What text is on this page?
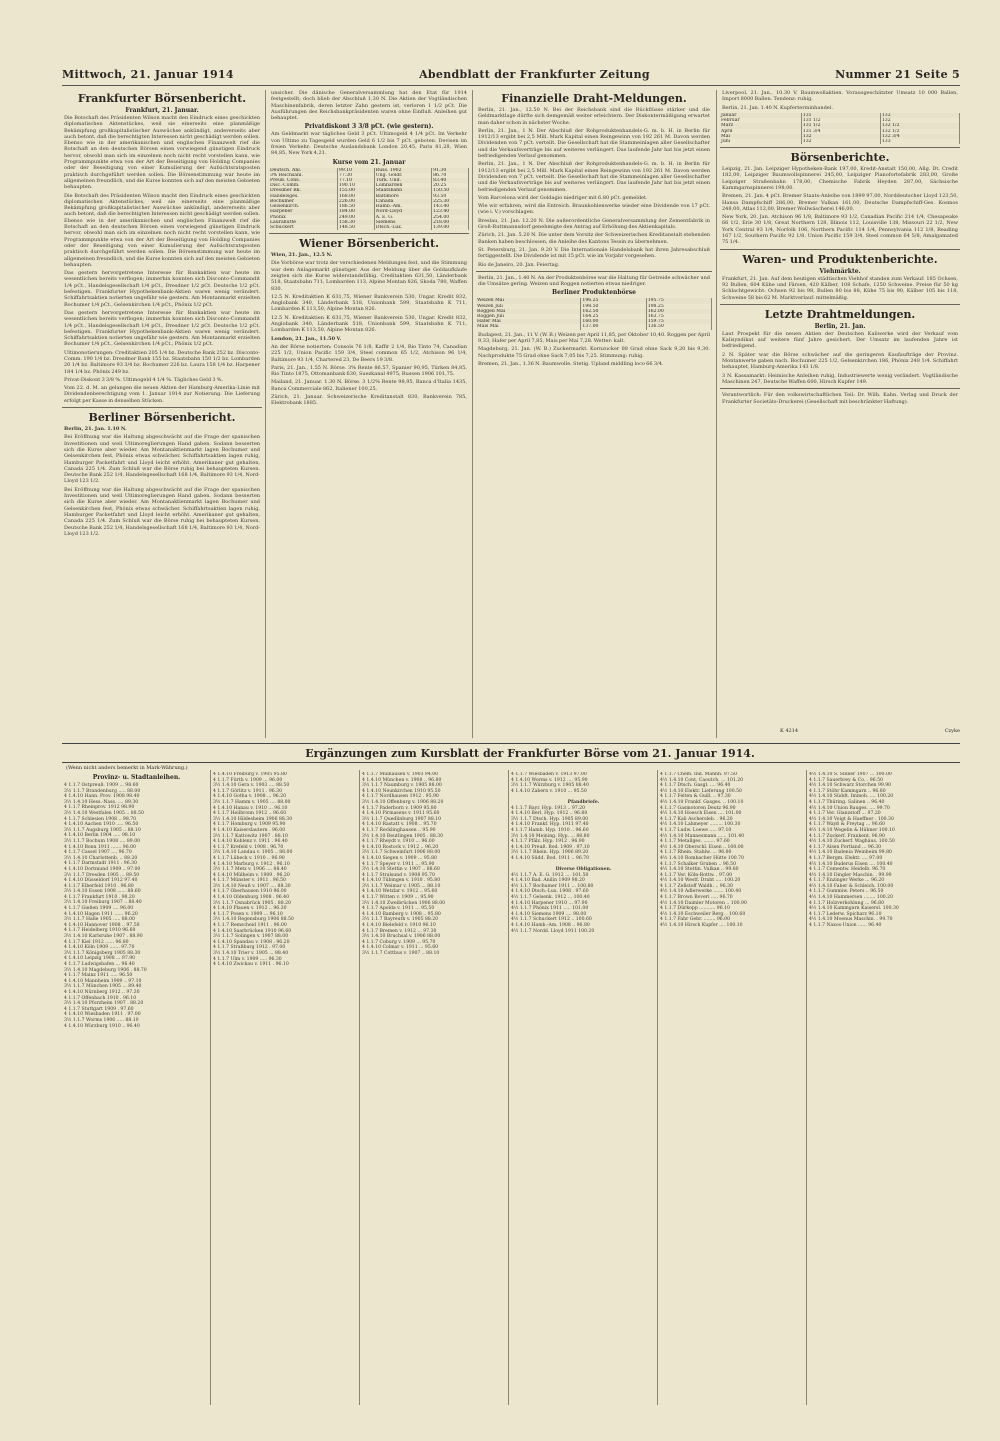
Mittwoch, 21. Januar 1914	Abendblatt der Frankfurter Zeitung	Nummer 21 Seite 5
Frankfurter Börsenbericht.
Frankfurt, 21. Januar.

Die Botschaft des Präsidenten Wilson macht den Eindruck eines geschickten diplomatischen Aktenstückes, weil sie einerseits eine planmäßige Bekämpfung großkapitalistischer Auswüchse ankündigt, andererseits aber auch betont, daß die berechtigten Interessen nicht geschädigt werden sollen. Ebenso wie in der amerikanischen und englischen Finanzwelt rief die Botschaft an den deutschen Börsen einen vorwiegend günstigen Eindruck hervor, obwohl man sich im einzelnen noch nicht recht vorstellen kann, wie Programmpunkte etwa von der Art der Beseitigung von Holding Companies oder der Beseitigung von einer Kumulierung der Aufsichtsratsposten praktisch durchgeführt werden sollen. Die Börsenstimmung war heute im allgemeinen freundlich, und die Kurse konnten sich auf den meisten Gebieten behaupten.

Die Botschaft des Präsidenten Wilson macht den Eindruck eines geschickten diplomatischen Aktenstückes, weil sie einerseits eine planmäßige Bekämpfung großkapitalistischer Auswüchse ankündigt, andererseits aber auch betont, daß die berechtigten Interessen nicht geschädigt werden sollen. Ebenso wie in der amerikanischen und englischen Finanzwelt rief die Botschaft an den deutschen Börsen einen vorwiegend günstigen Eindruck hervor, obwohl man sich im einzelnen noch nicht recht vorstellen kann, wie Programmpunkte etwa von der Art der Beseitigung von Holding Companies oder der Beseitigung von einer Kumulierung der Aufsichtsratsposten praktisch durchgeführt werden sollen. Die Börsenstimmung war heute im allgemeinen freundlich, und die Kurse konnten sich auf den meisten Gebieten behaupten.

Das gestern hervorgetretene Interesse für Bankaktien war heute im wesentlichen bereits verflogen; immerhin konnten sich Disconto-Commandit 1/4 pCt., Handelsgesellschaft 1/4 pCt., Dresdner 1/2 pCt. Deutsche 1/2 pCt. befestigen. Frankfurter Hypothekenbank-Aktien waren wenig verändert. Schiffahrtsaktien notierten ungefähr wie gestern. Am Montanmarkt erzielten Bochumer 1/4 pCt., Gelsenkirchen 1/4 pCt., Phönix 1/2 pCt.

Das gestern hervorgetretene Interesse für Bankaktien war heute im wesentlichen bereits verflogen; immerhin konnten sich Disconto-Commandit 1/4 pCt., Handelsgesellschaft 1/4 pCt., Dresdner 1/2 pCt. Deutsche 1/2 pCt. befestigen. Frankfurter Hypothekenbank-Aktien waren wenig verändert. Schiffahrtsaktien notierten ungefähr wie gestern. Am Montanmarkt erzielten Bochumer 1/4 pCt., Gelsenkirchen 1/4 pCt., Phönix 1/2 pCt.

Ultimonotierungen: Creditaktien 205 1/4 bz. Deutsche Bank 252 bz. Disconto-Comm. 190 1/4 bz. Dresdner Bank 155 bz. Staatsbahn 150 1/2 bz. Lombarden 20 1/4 bz. Baltimore 93 3/4 bz. Bochumer 226 bz. Laura 158 1/4 bz. Harpener 184 1/4 bz. Phönix 249 bz.

Privat-Diskont 3 3/8 %. Ultimogeld 4 1/4 %. Tägliches Geld 3 %.

Vom 22. d. M. an gelangen die neuen Aktien der Hamburg-Amerika-Linie mit Dividendenberechtigung vom 1. Januar 1914 zur Notierung. Die Lieferung erfolgt per Kasse in denselben Stücken.

Berliner Börsenbericht.

Berlin, 21. Jan. 1.10 N.

Bei Eröffnung war die Haltung abgeschwächt auf die Frage der spanischen Investitionen und weil Ultimoreglierungen Hand gaben. Sodann besserten sich die Kurse aber wieder. Am Montanaktienmarkt lagen Bochumer und Gelsenkirchen fest, Phönix etwas schwächer. Schiffahrtsaktien lagen ruhig, Hamburger Packetfahrt und Lloyd leicht erhöht. Amerikaner gut gehalten, Canada 225 1/4. Zum Schluß war die Börse ruhig bei behaupteten Kursen. Deutsche Bank 252 1/4, Handelsgesellschaft 168 1/4, Baltimore 93 1/4, Nord-Lloyd 123 1/2.

Bei Eröffnung war die Haltung abgeschwächt auf die Frage der spanischen Investitionen und weil Ultimoreglierungen Hand gaben. Sodann besserten sich die Kurse aber wieder. Am Montanaktienmarkt lagen Bochumer und Gelsenkirchen fest, Phönix etwas schwächer. Schiffahrtsaktien lagen ruhig, Hamburger Packetfahrt und Lloyd leicht erhöht. Amerikaner gut gehalten, Canada 225 1/4. Zum Schluß war die Börse ruhig bei behaupteten Kursen. Deutsche Bank 252 1/4, Handelsgesellschaft 168 1/4, Baltimore 93 1/4, Nord-Lloyd 123 1/2.

unsicher. Die dänische Generalversammlung hat den Etat für 1914 festgestellt; doch blieb der Abschluß 1,30 N. Die Aktien der Vogtländischen Maschinenfabrik, deren letzter Zahn gestern ist, verloren 1 1/2 pCt. Die Ausführungen des Reichsbankpräsidenten waren ohne Einfluß. Anleihen gut behauptet.

Privatdiskont 3 3/8 pCt. (wie gestern).

Am Geldmarkt war tägliches Geld 3 pCt. Ultimogeld 4 1/4 pCt. Im Verkehr von Ultimo zu Tagesgeld wurden Geld 6 1/2 bis 7 pCt. geboten. Devisen im freien Verkehr: Deutsche Auslandsbank London 20,45, Paris 81,28, Wien 84,85, New York 4,21.

Kurse vom 21. Januar
Deutsch. Anl.	99.10	Russ. 1902	91.30
3% Reichsanl.	77.30	Ung. Goldr.	86.70
Preuß. Cons.	77.10	Türk. Unif.	83.40
Disc.-Comm.	190.10	Lombarden	20.25
Dresdner Bk.	155.00	Staatsbahn	150.50
Handelsges.	168.00	Baltimore	93.50
Bochumer	226.00	Canada	225.30
Gelsenkirch.	186.50	Hamb.-Am.	143.40
Harpener	184.00	Nord-Lloyd	123.40
Phönix	249.00	A. E. G.	254.00
Laurahütte	158.30	Siemens	218.00
Schuckert	148.50	Dtsch.-Lux.	139.00
Wiener Börsenbericht.

Wien, 21. Jan., 12.5 N.

Die Vorbörse war trotz der verschiedenen Meldungen fest, und die Stimmung war dem Anlagemarkt günstiger. Aus der Meldung über die Goldaufkäufe zeigten sich die Kurse widerstandsfähig. Creditaktien 631,50, Länderbank 518, Staatsbahn 711, Lombarden 113, Alpine Montan 826, Skoda 780, Waffen 830.

12.5 N. Kreditaktien K 631,75, Wiener Bankverein 530, Ungar. Kredit 832, Anglobank 340, Länderbank 518, Unionbank 599, Staatsbahn K 711, Lombarden K 113,50, Alpine Montan 826.

12.5 N. Kreditaktien K 631,75, Wiener Bankverein 530, Ungar. Kredit 832, Anglobank 340, Länderbank 518, Unionbank 599, Staatsbahn K 711, Lombarden K 113,50, Alpine Montan 826.

London, 21. Jan., 11.50 V.

An der Börse notierten: Consols 76 1/8, Kaffir 2 1/4, Rio Tinto 74, Canadian 225 1/2, Union Pacific 159 3/4, Steel common 65 1/2, Atchison 96 1/4, Baltimore 93 1/4, Chartered 23, De Beers 19 3/8.

Paris, 21. Jan., 1.55 N. Börse. 3% Rente 86,57, Spanier 90,95, Türken 84,85, Rio Tinto 1875, Ottomanbank 630, Suezkanal 4975, Russen 1906 101,75.

Mailand, 21. Januar. 1.30 N. Börse. 3 1/2% Rente 98,95, Banca d'Italia 1435, Banca Commerciale 862, Italiener 100,25.

Zürich, 21. Januar. Schweizerische Kreditanstalt 830, Bankverein 785, Elektrobank 1885.

Finanzielle Draht-Meldungen.

Berlin, 21. Jan., 12.50 N. Bei der Reichsbank sind die Rückflüsse stärker und die Geldmarktlage dürfte sich demgemäß weiter erleichtern. Der Diskontermäßigung erwartet man daher schon in nächster Woche.

Berlin, 21. Jan., 1 N. Der Abschluß der Rohproduktenhandels-G. m. b. H. in Berlin für 1912/13 ergibt bei 2,5 Mill. Mark Kapital einen Reingewinn von 192 261 M. Davon werden Dividenden von 7 pCt. verteilt. Die Gesellschaft hat die Stammeinlagen aller Gesellschafter und die Verkaufsverträge bis auf weiteres verlängert. Das laufende Jahr hat bis jetzt einen befriedigenden Verlauf genommen.

Berlin, 21. Jan., 1 N. Der Abschluß der Rohproduktenhandels-G. m. b. H. in Berlin für 1912/13 ergibt bei 2,5 Mill. Mark Kapital einen Reingewinn von 192 261 M. Davon werden Dividenden von 7 pCt. verteilt. Die Gesellschaft hat die Stammeinlagen aller Gesellschafter und die Verkaufsverträge bis auf weiteres verlängert. Das laufende Jahr hat bis jetzt einen befriedigenden Verlauf genommen.

Vom Barcelona wird der Goldagio niedriger mit 6.80 pCt. gemeldet.

Wie wir erfahren, wird die Entreich. Braunkohlenwerke wieder eine Dividende von 17 pCt. (wie i. V.) vorschlagen.

Breslau, 21. Jan. 12.20 N. Die außerordentliche Generalversammlung der Zementfabrik in Groß-Ruttmannsdorf genehmigte den Antrag auf Erhöhung des Aktienkapitals.

Zürich, 21. Jan. 5.20 N. Die unter dem Vorsitz der Schweizerischen Kreditanstalt stehenden Banken haben beschlossen, die Anleihe des Kantons Tessin zu übernehmen.

St. Petersburg, 21. Jan. 9.20 V. Die Internationale Handelsbank hat ihren Jahresabschluß fertiggestellt. Die Dividende ist mit 15 pCt. wie im Vorjahr vorgesehen.

Rio de Janeiro, 20. Jan. Feiertag.

Berlin, 21. Jan., 1.40 N. An der Produktenbörse war die Haltung für Getreide schwächer und die Umsätze gering. Weizen und Roggen notierten etwas niedriger.

Berliner Produktenbörse
Weizen Mai	196.25	195.75
Weizen Juli	198.50	198.25
Roggen Mai	162.50	162.00
Roggen Juli	164.25	163.75
Hafer Mai	160.00	159.75
Mais Mai	137.00	136.50

Budapest, 21. Jan., 11 V. (W. B.) Weizen per April 11,85, per Oktober 10,40. Roggen per April 9,33, Hafer per April 7,85, Mais per Mai 7,28. Wetter: kalt.

Magdeburg, 21. Jan. (W. B.) Zuckermarkt. Kornzucker 88 Grad ohne Sack 9,20 bis 9,30. Nachprodukte 75 Grad ohne Sack 7,05 bis 7,25. Stimmung: ruhig.

Bremen, 21. Jan., 1.36 N. Baumwolle. Stetig. Upland middling loco 66 3/4.

Liverpool, 21. Jan., 10.30 V. Baumwollaktien. Vorausgeschätzter Umsatz 10 000 Ballen, Import 8000 Ballen. Tendenz: ruhig.

Berlin, 21. Jan. 1.40 N. Kupferterminhandel.

Januar	131	132
Februar	131 1/2	132
März	131 1/2	132 1/2
April	131 3/4	132 1/2
Mai	132	132 3/4
Juni	132	133
Börsenberichte.

Leipzig, 21. Jan. Leipziger Hypotheken-Bank 197,00, Kredit-Anstalt 150,00, Allg. Dt. Credit 182,00, Leipziger Baumwollspinnerei 245,00, Leipziger Pianofortefabrik 283,00, Große Leipziger Straßenbahn 178,00, Chemische Fabrik Heyden 287,00, Sächsische Kammgarnspinnerei 198,00.

Bremen, 21. Jan. 4 pCt. Bremer Staats-Anleihe von 1899 97,00, Norddeutscher Lloyd 123,50, Hansa Dampfschiff 286,00, Bremer Vulkan 161,00, Deutsche Dampfschiff-Ges. Kosmos 248,00, Atlas 112,00, Bremer Wollwäscherei 146,00.

New York, 20. Jan. Atchison 96 1/8, Baltimore 93 1/2, Canadian Pacific 214 1/4, Chesapeake 66 1/2, Erie 30 1/8, Great Northern 128, Illinois 112, Louisville 138, Missouri 22 1/2, New York Central 93 1/4, Norfolk 106, Northern Pacific 114 1/4, Pennsylvania 112 1/8, Reading 167 1/2, Southern Pacific 92 1/8, Union Pacific 159 3/4, Steel common 64 5/8, Amalgamated 75 1/4.

Waren- und Produktenberichte.
Viehmärkte.

Frankfurt, 21. Jan. Auf dem heutigen städtischen Viehhof standen zum Verkauf: 185 Ochsen, 92 Bullen, 604 Kühe und Färsen, 420 Kälber, 108 Schafe, 1250 Schweine. Preise für 50 kg Schlachtgewicht: Ochsen 92 bis 98, Bullen 80 bis 88, Kühe 75 bis 90, Kälber 105 bis 118, Schweine 58 bis 62 M. Marktverlauf: mittelmäßig.

Letzte Drahtmeldungen.
Berlin, 21. Jan.

Laut Prospekt für die neuen Aktien der Deutschen Kaliwerke wird der Verkauf vom Kalisyndikat auf weitere fünf Jahre gesichert. Der Umsatz im laufenden Jahre ist befriedigend.

2 N. Später war die Börse schwächer auf die geringeren Kaufaufträge der Provinz. Montanwerte gaben nach. Bochumer 225 1/2, Gelsenkirchen 186, Phönix 248 1/4. Schiffahrt behauptet, Hamburg-Amerika 143 1/8.

3 N. Kassamarkt: Heimische Anleihen ruhig, Industriewerte wenig verändert. Vogtländische Maschinen 247, Deutsche Waffen 600, Hirsch Kupfer 149.

Verantwortlich: Für den volkswirtschaftlichen Teil: Dr. Wilh. Kahn. Verlag und Druck der Frankfurter Societäts-Druckerei (Gesellschaft mit beschränkter Haftung).

K 4214	Czyke
Ergänzungen zum Kursblatt der Frankfurter Börse vom 21. Januar 1914.
(Wenn nicht anders bemerkt in Mark-Währung.)
Provinz- u. Stadtanleihen.
4 1.1.7 Ostpreuß. 1909 ... 98.60
3½ 1.1.7 Brandenburg ..... 88.00
4 1.4.10 Hann. Prov. 1908 98.40
3½ 1.4.10 Hess.-Nass. .... 89.30
4 1.1.7 Rheinprov. 1912 98.90
3½ 1.4.10 Westfalen 1905 .. 88.50
4 1.1.7 Schlesien 1908 .. 98.70
4 1.4.10 Aachen 1910 ..... 96.50
3½ 1.1.7 Augsburg 1905 .. 88.10
4 1.4.10 Berlin 1904 ..... 98.10
3½ 1.1.7 Bochum 1908 .... 89.00
4 1.4.10 Bonn 1911 ....... 96.00
4 1.1.7 Cassel 1907 .... 96.70
3½ 1.4.10 Charlottenb. .. 88.20
4 1.1.7 Darmstadt 1911 . 96.30
4 1.4.10 Dortmund 1909 .. 97.00
3½ 1.1.7 Dresden 1905 ... 89.50
4 1.4.10 Düsseldorf 1912 97.40
4 1.1.7 Elberfeld 1910 . 96.80
3½ 1.4.10 Essen 1908 ...... 88.60
4 1.1.7 Frankfurt 1910 . 98.20
3½ 1.4.10 Freiburg 1907 .. 88.40
4 1.1.7 Gießen 1909 .... 96.00
4 1.4.10 Hagen 1911 ...... 96.20
3½ 1.1.7 Halle 1905 ..... 88.00
4 1.4.10 Hannover 1908 .. 97.50
4 1.1.7 Heidelberg 1910 96.60
3½ 1.4.10 Karlsruhe 1907 . 88.90
4 1.1.7 Kiel 1912 ...... 96.80
4 1.4.10 Köln 1909 ....... 97.70
3½ 1.1.7 Königsberg 1905 88.30
4 1.4.10 Leipzig 1908 ... 97.90
4 1.1.7 Ludwigshafen ... 96.40
3½ 1.4.10 Magdeburg 1906 . 88.70
4 1.1.7 Mainz 1911 ..... 96.50
4 1.4.10 Mannheim 1909 .. 97.10
3½ 1.1.7 München 1905 ... 89.40
4 1.4.10 Nürnberg 1912 .. 97.30
4 1.1.7 Offenbach 1910 . 96.10
3½ 1.4.10 Pforzheim 1907 . 88.20
4 1.1.7 Stuttgart 1909 . 97.60
4 1.4.10 Wiesbaden 1911 . 97.00
3½ 1.1.7 Worms 1906 ..... 88.10
4 1.4.10 Würzburg 1910 .. 96.40
4 1.4.10 Freiburg v. 1905 95.80
4 1.1.7 Fürth v. 1909 ... 96.00
3½ 1.4.10 Gera v. 1903 .... 88.50
4 1.1.7 Görlitz v. 1911 . 96.30
4 1.4.10 Gotha v. 1908 ... 96.20
3½ 1.1.7 Hamm v. 1905 .... 88.00
4 1.4.10 Hanau v. 1910 ... 96.10
4 1.1.7 Heilbronn 1912 .. 96.60
3½ 1.4.10 Hildesheim 1906 88.30
4 1.1.7 Homburg v. 1909 95.90
4 1.4.10 Kaiserslautern . 96.00
3½ 1.1.7 Kattowitz 1907 . 88.10
4 1.4.10 Koblenz v. 1911 . 96.40
4 1.1.7 Krefeld v. 1908 . 96.70
3½ 1.4.10 Landau v. 1905 .. 88.00
4 1.1.7 Lübeck v. 1910 .. 96.90
4 1.4.10 Marburg v. 1912 . 96.10
3½ 1.1.7 Metz v. 1906 .... 88.40
4 1.4.10 Mülheim v. 1909 . 96.20
4 1.1.7 Münster v. 1911 . 96.50
3½ 1.4.10 Neuß v. 1907 .... 88.30
4 1.1.7 Oberhausen 1910 96.00
4 1.4.10 Oldenburg 1908 . 96.40
3½ 1.1.7 Osnabrück 1905 . 88.20
4 1.4.10 Plauen v. 1912 .. 96.30
4 1.1.7 Posen v. 1909 ... 96.10
3½ 1.4.10 Regensburg 1906 88.50
4 1.1.7 Remscheid 1911 . 96.00
4 1.4.10 Saarbrücken 1910 96.60
3½ 1.1.7 Solingen v. 1907 88.00
4 1.4.10 Spandau v. 1908 . 96.20
4 1.1.7 Straßburg 1912 . 97.00
3½ 1.4.10 Trier v. 1905 ... 88.40
4 1.1.7 Ulm v. 1909 ..... 96.30
4 1.4.10 Zwickau v. 1911 . 96.10
4 1.1.7 Mülhausen v. 1903 94.00
4 1.4.10 München v. 1908 .. 96.80
3½ 1.1.7 Naumburg v. 1905 88.00
4 1.4.10 Neunkirchen 1910 95.50
4 1.1.7 Nordhausen 1912 . 95.90
3½ 1.4.10 Offenburg v. 1906 88.20
4 1.1.7 Paderborn v. 1909 95.80
4 1.4.10 Pirmasens v. 1911 95.60
3½ 1.1.7 Quedlinburg 1907 88.10
4 1.4.10 Rastatt v. 1908 .. 95.70
4 1.1.7 Recklinghausen .. 95.90
3½ 1.4.10 Reutlingen 1905 . 88.30
4 1.1.7 Rheydt v. 1910 ... 96.00
4 1.4.10 Rostock v. 1912 .. 96.20
3½ 1.1.7 Schweinfurt 1906 88.00
4 1.4.10 Siegen v. 1909 ... 95.80
4 1.1.7 Speyer v. 1911 ... 95.90
3½ 1.4.10 Stettin v. 1907 .. 88.60
4 1.1.7 Stralsund v. 1908 95.70
4 1.4.10 Tübingen v. 1910 . 95.80
3½ 1.1.7 Weimar v. 1905 ... 88.10
4 1.4.10 Wetzlar v. 1912 .. 95.60
4 1.1.7 Witten v. 1909 ... 95.90
3½ 1.4.10 Zweibrücken 1906 88.00
4 1.1.7 Apolda v. 1911 ... 95.50
4 1.4.10 Bamberg v. 1908 .. 95.80
3½ 1.1.7 Bayreuth v. 1905 88.20
4 1.4.10 Bielefeld v. 1910 96.10
4 1.1.7 Bremen v. 1912 ... 97.30
3½ 1.4.10 Bruchsal v. 1906 88.00
4 1.1.7 Coburg v. 1909 ... 95.70
4 1.4.10 Colmar v. 1911 ... 95.60
3½ 1.1.7 Cottbus v. 1907 .. 88.10
4 1.1.7 Wiesbaden v. 1913 97.00
4 1.4.10 Worms v. 1912 .... 95.90
3½ 1.1.7 Würzburg v. 1905 88.40
4 1.4.10 Zabern v. 1910 ... 95.50

Pfandbriefe.
4 1.1.7 Bayr. Hyp. 1913 .. 97.20
4 1.4.10 Berl. Hyp. 1912 .. 96.80
3½ 1.1.7 Dtsch. Hyp. 1905 89.00
4 1.4.10 Frankf. Hyp. 1911 97.40
4 1.1.7 Hamb. Hyp. 1910 .. 96.60
3½ 1.4.10 Meining. Hyp. ... 88.80
4 1.1.7 Pfälz. Hyp. 1912 . 96.90
4 1.4.10 Preuß. Bod. 1909 . 97.10
3½ 1.1.7 Rhein. Hyp. 1906 89.20
4 1.4.10 Südd. Bod. 1911 .. 96.70

Diverse Obligationen.
4½ 1.1.7 A. E. G. 1912 .... 101.50
4 1.4.10 Bad. Anilin 1909 98.20
4½ 1.1.7 Bochumer 1911 ... 100.80
4 1.4.10 Dtsch.-Lux. 1908 . 97.60
4½ 1.1.7 Gelsenk. 1912 ... 100.40
4 1.4.10 Harpener 1910 ... 97.90
4½ 1.1.7 Phönix 1911 ..... 101.00
4 1.4.10 Siemens 1909 .... 98.00
4½ 1.1.7 Schuckert 1912 .. 100.60
4 1.4.10 Hamb.-Am. 1908 .. 96.80
4½ 1.1.7 Nordd. Lloyd 1911 100.20
4 1.1.7 Chem. Ind. Mannh. 97.50
4½ 1.4.10 Cont. Caoutch. ... 101.20
4 1.1.7 Dtsch. Gasgl. .... 96.40
4½ 1.4.10 Elektr. Lieferung 100.50
4 1.1.7 Felten & Guill. .. 97.30
4½ 1.4.10 Frankf. Gasges. .. 100.10
4 1.1.7 Gasmotoren Deutz 96.90
4½ 1.4.10 Hoesch Eisen .... 101.00
4 1.1.7 Kali Aschersleb. . 96.20
4½ 1.4.10 Lahmeyer ......... 100.30
4 1.1.7 Ludw. Loewe ..... 97.10
4½ 1.4.10 Mannesmann ...... 101.40
4 1.1.7 Metallges. ........ 97.60
4½ 1.4.10 Oberschl. Eisen .. 100.00
4 1.1.7 Rhein. Stahlw. ... 96.80
4½ 1.4.10 Rombacher Hütte 100.70
4 1.1.7 Schalker Gruben .. 96.50
4½ 1.4.10 Stettin. Vulkan .. 99.80
4 1.1.7 Ver. Köln-Rottw. . 97.00
4½ 1.4.10 Westf. Draht ..... 100.20
4 1.1.7 Zellstoff Waldh. .. 96.30
4½ 1.4.10 Adlerwerke ....... 100.40
4 1.1.7 Brown Boveri ..... 96.70
4½ 1.4.10 Daimler Motoren .. 100.90
4 1.1.7 Dürkopp ........... 96.10
4½ 1.4.10 Eschweiler Berg. . 100.60
4 1.1.7 Fahr Gebr. ........ 96.00
4½ 1.4.10 Hirsch Kupfer .... 100.10
4½ 1.4.10 S. Sinner 1907 ... 100.00
4 1.1.7 Sauerbrey & Co. . 96.50
4½ 1.4.10 Schwarz Storchen 99.90
4 1.1.7 Stöhr Kammgarn .. 96.80
4½ 1.4.10 Süddt. Immob. .... 100.20
4 1.1.7 Thüring. Salinen .. 96.40
4½ 1.4.10 Union Bauges. .... 99.70
4 1.1.7 Ver. Glanzstoff ... 97.20
4½ 1.4.10 Voigt & Haeffner . 100.30
4 1.1.7 Wayß & Freytag ... 96.60
4½ 1.4.10 Wegelin & Hübner 100.10
4 1.1.7 Zuckerf. Frankent. 96.90
4½ 1.4.10 Zuckerf. Waghäus. 100.50
4 1.1.7 Alsen Portland ... 96.30
4½ 1.4.10 Badenia Weinheim 99.80
4 1.1.7 Bergm. Elektr. .... 97.00
4½ 1.4.10 Buderus Eisen .... 100.40
4 1.1.7 Cementw. Heidelb. 96.70
4½ 1.4.10 Dingler Maschin. . 99.90
4 1.1.7 Enzinger Werke ... 96.20
4½ 1.4.10 Faber & Schleich. 100.00
4 1.1.7 Gummiw. Peters .. 96.50
4½ 1.4.10 Hammersen ........ 100.20
4 1.1.7 Holzverkohlung ... 96.80
4½ 1.4.10 Kammgarn Kaisersl. 100.30
4 1.1.7 Lederw. Spicharz 96.10
4½ 1.4.10 Moenus Maschin. . 99.70
4 1.1.7 Naxos-Union ...... 96.40
